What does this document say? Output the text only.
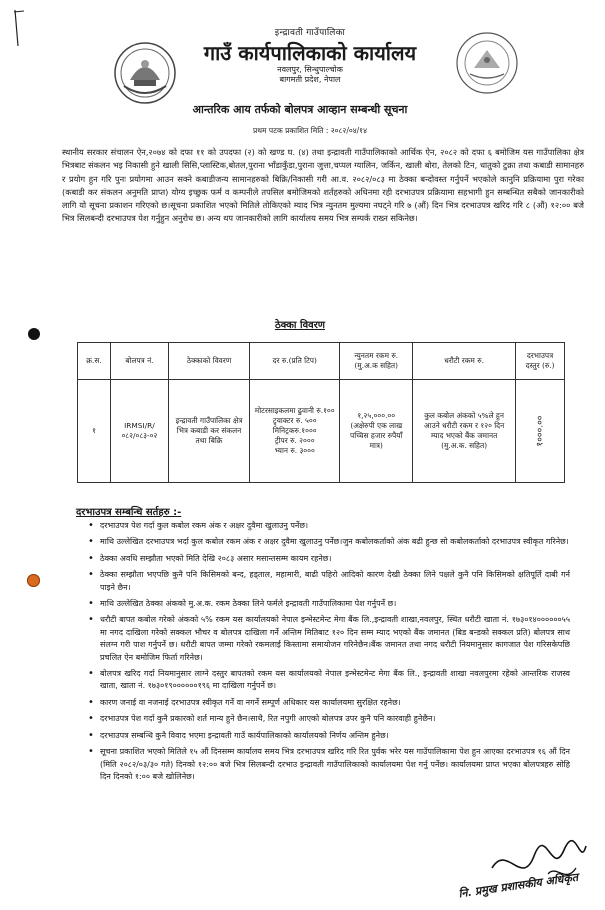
इन्द्रावती गाउँपालिका
गाउँ कार्यपालिकाको कार्यालय
नवलपुर, सिन्धुपाल्चोक
बागमती प्रदेश, नेपाल
आन्तरिक आय तर्फको बोलपत्र आव्हान सम्बन्धी सूचना
प्रथम पटक प्रकाशित मिति : २०८२/०४/१४

स्थानीय सरकार संचालन ऐन,२०७४ को दफा ११ को उपदफा (२) को खण्ड घ. (४) तथा इन्द्रावती गाउँपालिकाको आर्थिक ऐन, २०८२ को दफा ६ बमोजिम यस गाउँपालिका क्षेत्र भित्रबाट संकलन भइ निकासी हुने खाली सिसि,प्लास्टिक,बोतल,पुराना भाँडाकुँडा,पुराना जुत्ता,चप्पल ग्यालिन, जर्किन, खाली बोरा, तेलको टिन, धातुको टुक्रा तथा कबाडी सामानहरु र प्रयोग हुन गरि पुनः प्रयोगमा आउन सक्ने कबाडीजन्य सामानहरुको बिक्रि/निकासी गरी आ.व. २०८२/०८३ मा ठेक्का बन्दोवस्त गर्नुपर्ने भएकोले कानुनि प्रक्रियामा पुरा गरेका (कबाडी कर संकलन अनुमति प्राप्त) योग्य इच्छुक फर्म व कम्पनीले तपसिल बमोजिमको शर्तहरुको अधिनमा रही दरभाउपत्र प्रक्रियामा सहभागी हुन सम्बन्धित सबैको जानकारीको लागि यो सूचना प्रकाशन गरिएको छ।सूचना प्रकाशित भएको मितिले तोकिएको म्याद भित्र न्युनतम मुल्यमा नघट्ने गरि ७ (औं) दिन भित्र दरभाउपत्र खरिद गरि ८ (औं) १२:०० बजे भित्र सिलबन्दी दरभाउपत्र पेश गर्नुहुन अनुरोध छ। अन्य थप जानकारीको लागि कार्यालय समय भित्र सम्पर्क राख्न सकिनेछ।

ठेक्का विवरण
क्र.स.	बोलपत्र नं.	ठेक्काको विवरण	दर रु.(प्रति टिप)	न्युनतम रकम रु.(मु.अ.क सहित)	धरौटी रकम रु.	दरभाउपत्र दस्तुर (रु.)
१	IRMSI/R/०८२/०८३-०२	इन्द्रावती गाउँपालिका क्षेत्र भित्र कबाडी कर संकलन तथा बिक्रि	मोटरसाइकलमा ढुवानी रु.१००
ट्र्याक्टर रु. ५००
मिनिट्रकरु.१०००
ट्रीपर रु. २०००
भ्यान रु. ३०००	१,२५,०००.०० (अक्षेरुपी एक लाख पच्चिस हजार रुपैयाँ मात्र)	कुल कबोल अंकको ५%ले हुन आउने धरौटी रकम र १२० दिन म्याद भएको बैंक जमानत (मु.अ.क. सहित)	१०००.००
दरभाउपत्र सम्बन्धि सर्तहरु :-
• दरभाउपत्र पेश गर्दा कुल कबोल रकम अंक र अक्षर दुवैमा खुलाउनु पर्नेछ।
• माथि उल्लेखित दरभाउपत्र भर्दा कुल कबोल रकम अंक र अक्षर दुवैमा खुलाउनु पर्नेछ।जुन कबोलकर्ताको अंक बढी हुन्छ सो कबोलकर्ताको दरभाउपत्र स्वीकृत गरिनेछ।
• ठेक्का अवधि सम्झौता भएको मिति देखि २०८३ असार मसान्तसम्म कायम रहनेछ।
• ठेक्का सम्झौता भएपछि कुनै पनि किसिमको बन्द, हड्ताल, महामारी, बाढी पहिरो आदिको कारण देखी ठेक्का लिने पक्षले कुनै पनि किसिमको क्षतिपूर्ति दाबी गर्न पाइने छैन।
• माथि उल्लेखित ठेक्का अंकको मु.अ.क. रकम ठेक्का लिने फर्मले इन्द्रावती गाउँपालिकामा पेश गर्नुपर्ने छ।
• धरौटी बापत कबोल गरेको अंकको ५% रकम यस कार्यालयको नेपाल इन्भेस्टमेन्ट मेगा बैंक लि.,इन्द्रावती शाखा,नवलपुर, स्थित धरौटी खाता नं. १७३०१४००००००५५ मा नगद दाखिला गरेको सक्कल भौचर व बोलपत्र दाखिला गर्ने अन्तिम मितिबाट १२० दिन सम्म म्याद भएको बैंक जमानत (बिड बन्डको सक्कल प्रति) बोलपत्र साथ संलग्न गरी पाश गर्नुपर्ने छ। धरौटी बापत जम्मा गरेको रकमलाई किस्तामा समायोजन गरिनेछैन।बैंक जमानत तथा नगद धरौटी नियमानुसार कागजात पेश गरिसकेपछि प्रचलित ऐन बमोजिम फिर्ता गरिनेछ।
• बोलपत्र खरिद गर्दा नियमानुसार लाग्ने दस्तुर बापतको रकम यस कार्यालयको नेपाल इन्भेस्टमेन्ट मेगा बैंक लि., इन्द्रावती शाखा नवलपुरमा रहेको आन्तरिक राजस्व खाता, खाता नं. १७३०१९००००००१९६ मा दाखिला गर्नुपर्ने छ।
• कारण जनाई वा नजनाई दरभाउपत्र स्वीकृत गर्ने वा नगर्ने सम्पूर्ण अधिकार यस कार्यालयमा सुरक्षित रहनेछ।
• दरभाउपत्र पेश गर्दा कुनै प्रकारको शर्त मान्य हुने छैन।साथै, रित नपुगी आएको बोलपत्र उपर कुनै पनि कारवाही हुनेछैन।
• दरभाउपत्र सम्बन्धि कुनै विवाद भएमा इन्द्रावती गाउँ कार्यपालिकाको कार्यालयको निर्णय अन्तिम हुनेछ।
• सूचना प्रकाशित भएको मितिले १५ औं दिनसम्म कार्यालय समय भित्र दरभाउपत्र खरिद गरि रित पुर्वक भरेर यस गाउँपालिकामा पेश हुन आएका दरभाउपत्र १६ औं दिन (मिति २०८२/०३/३० गते) दिनको १२:०० बजे भित्र सिलबन्दी दरभाउ इन्द्रावती गाउँपालिकाको कार्यालयमा पेश गर्नु पर्नेछ। कार्यालयमा प्राप्त भएका बोलपत्रहरु सोहि दिन दिनको १:०० बजे खोलिनेछ।
नि. प्रमुख प्रशासकीय अधिकृत
